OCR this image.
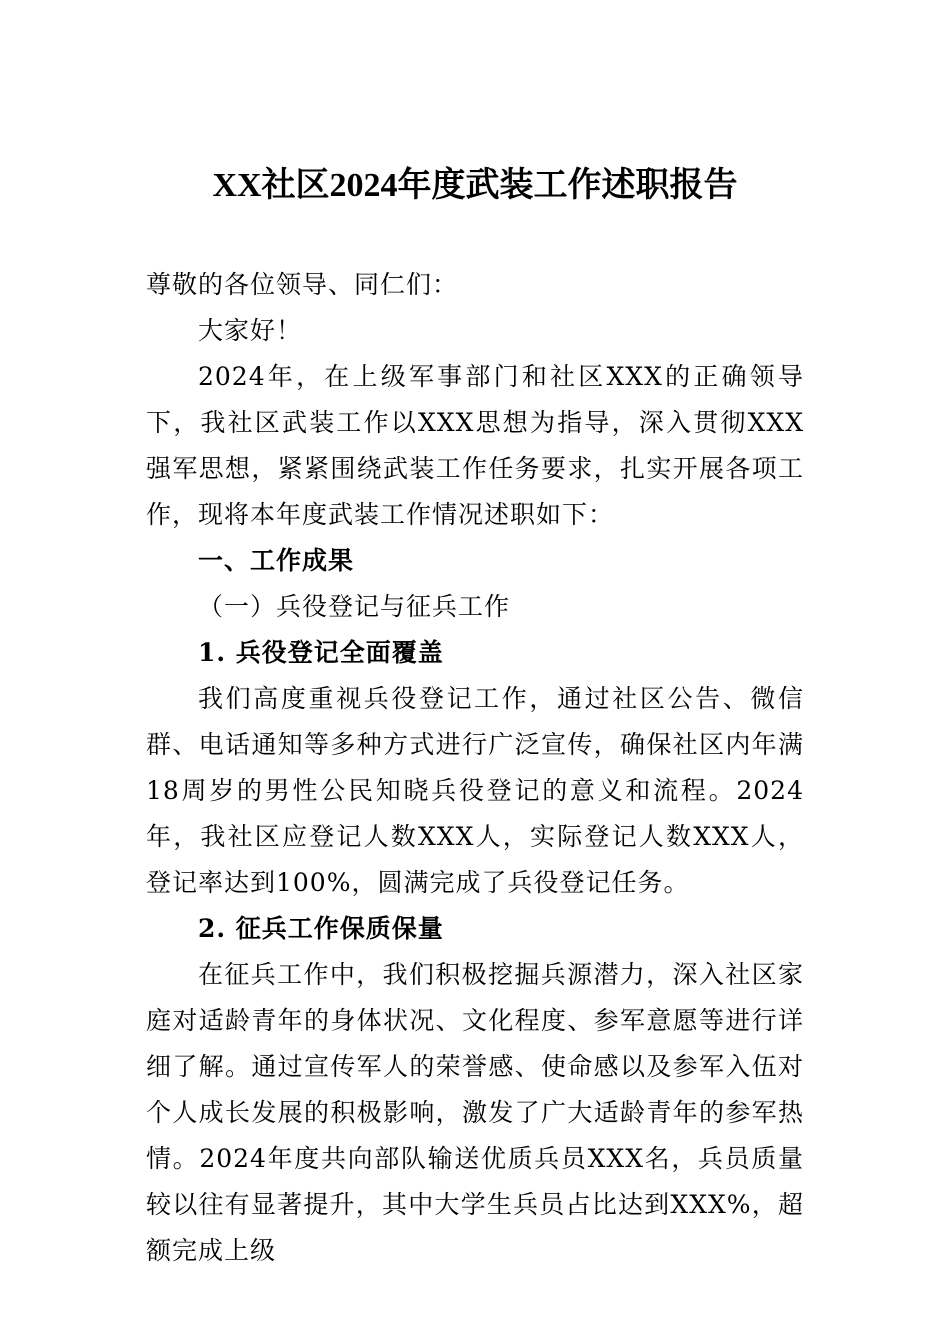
XX社区2024年度武装工作述职报告

尊敬的各位领导、同仁们：

大家好！

2024年，在上级军事部门和社区XXX的正确领导下，我社区武装工作以XXX思想为指导，深入贯彻XXX强军思想，紧紧围绕武装工作任务要求，扎实开展各项工作，现将本年度武装工作情况述职如下：

一、工作成果

（一）兵役登记与征兵工作

1. 兵役登记全面覆盖

我们高度重视兵役登记工作，通过社区公告、微信群、电话通知等多种方式进行广泛宣传，确保社区内年满18周岁的男性公民知晓兵役登记的意义和流程。2024年，我社区应登记人数XXX人，实际登记人数XXX人，登记率达到100%，圆满完成了兵役登记任务。

2. 征兵工作保质保量

在征兵工作中，我们积极挖掘兵源潜力，深入社区家庭对适龄青年的身体状况、文化程度、参军意愿等进行详细了解。通过宣传军人的荣誉感、使命感以及参军入伍对个人成长发展的积极影响，激发了广大适龄青年的参军热情。2024年度共向部队输送优质兵员XXX名，兵员质量较以往有显著提升，其中大学生兵员占比达到XXX%，超额完成上级
